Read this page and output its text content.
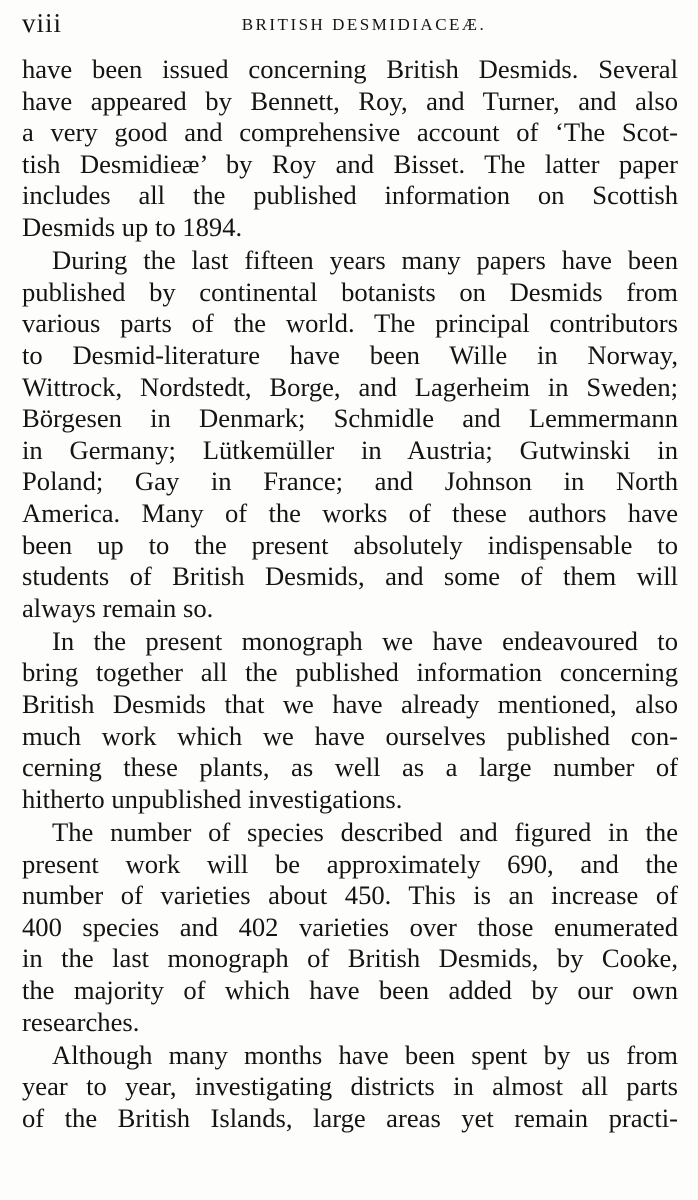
viii	BRITISH DESMIDIACEÆ.
have been issued concerning British Desmids. Several
have appeared by Bennett, Roy, and Turner, and also
a very good and comprehensive account of ‘The Scot-
tish Desmidieæ’ by Roy and Bisset. The latter paper
includes all the published information on Scottish
Desmids up to 1894.
During the last fifteen years many papers have been
published by continental botanists on Desmids from
various parts of the world. The principal contributors
to Desmid-literature have been Wille in Norway,
Wittrock, Nordstedt, Borge, and Lagerheim in Sweden;
Börgesen in Denmark; Schmidle and Lemmermann
in Germany; Lütkemüller in Austria; Gutwinski in
Poland; Gay in France; and Johnson in North
America. Many of the works of these authors have
been up to the present absolutely indispensable to
students of British Desmids, and some of them will
always remain so.
In the present monograph we have endeavoured to
bring together all the published information concerning
British Desmids that we have already mentioned, also
much work which we have ourselves published con-
cerning these plants, as well as a large number of
hitherto unpublished investigations.
The number of species described and figured in the
present work will be approximately 690, and the
number of varieties about 450. This is an increase of
400 species and 402 varieties over those enumerated
in the last monograph of British Desmids, by Cooke,
the majority of which have been added by our own
researches.
Although many months have been spent by us from
year to year, investigating districts in almost all parts
of the British Islands, large areas yet remain practi-
